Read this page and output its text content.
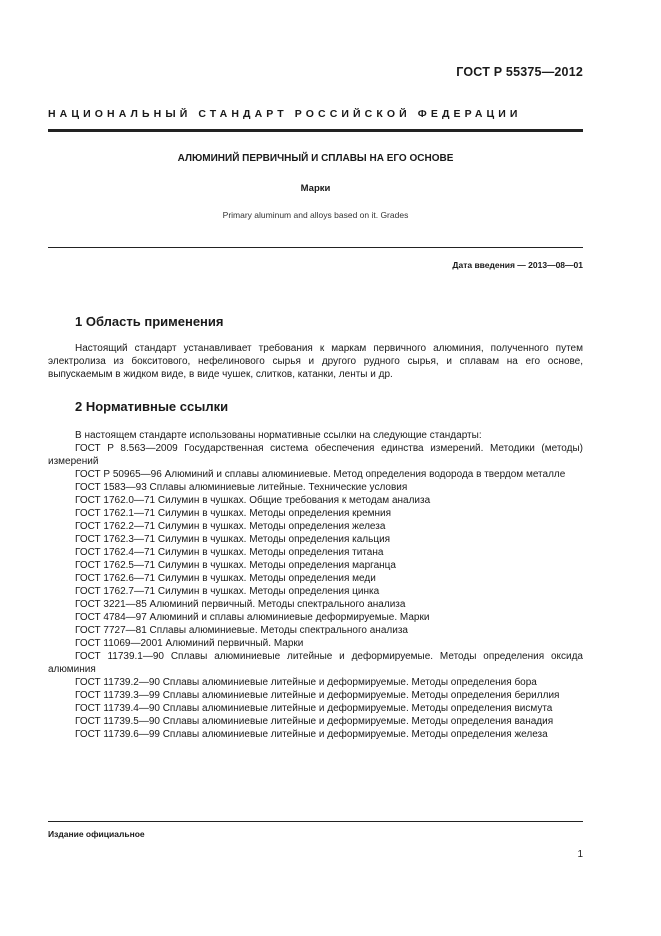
ГОСТ Р 55375—2012
НАЦИОНАЛЬНЫЙ СТАНДАРТ РОССИЙСКОЙ ФЕДЕРАЦИИ
АЛЮМИНИЙ ПЕРВИЧНЫЙ И СПЛАВЫ НА ЕГО ОСНОВЕ
Марки
Primary aluminum and alloys based on it. Grades
Дата введения — 2013—08—01
1 Область применения

Настоящий стандарт устанавливает требования к маркам первичного алюминия, полученного путем электролиза из бокситового, нефелинового сырья и другого рудного сырья, и сплавам на его основе, выпускаемым в жидком виде, в виде чушек, слитков, катанки, ленты и др.

2 Нормативные ссылки

В настоящем стандарте использованы нормативные ссылки на следующие стандарты:

ГОСТ Р 8.563—2009 Государственная система обеспечения единства измерений. Методики (методы) измерений

ГОСТ Р 50965—96 Алюминий и сплавы алюминиевые. Метод определения водорода в твердом металле

ГОСТ 1583—93 Сплавы алюминиевые литейные. Технические условия

ГОСТ 1762.0—71 Силумин в чушках. Общие требования к методам анализа

ГОСТ 1762.1—71 Силумин в чушках. Методы определения кремния

ГОСТ 1762.2—71 Силумин в чушках. Методы определения железа

ГОСТ 1762.3—71 Силумин в чушках. Методы определения кальция

ГОСТ 1762.4—71 Силумин в чушках. Методы определения титана

ГОСТ 1762.5—71 Силумин в чушках. Методы определения марганца

ГОСТ 1762.6—71 Силумин в чушках. Методы определения меди

ГОСТ 1762.7—71 Силумин в чушках. Методы определения цинка

ГОСТ 3221—85 Алюминий первичный. Методы спектрального анализа

ГОСТ 4784—97 Алюминий и сплавы алюминиевые деформируемые. Марки

ГОСТ 7727—81 Сплавы алюминиевые. Методы спектрального анализа

ГОСТ 11069—2001 Алюминий первичный. Марки

ГОСТ 11739.1—90 Сплавы алюминиевые литейные и деформируемые. Методы определения оксида алюминия

ГОСТ 11739.2—90 Сплавы алюминиевые литейные и деформируемые. Методы определения бора

ГОСТ 11739.3—99 Сплавы алюминиевые литейные и деформируемые. Методы определения бериллия

ГОСТ 11739.4—90 Сплавы алюминиевые литейные и деформируемые. Методы определения висмута

ГОСТ 11739.5—90 Сплавы алюминиевые литейные и деформируемые. Методы определения ванадия

ГОСТ 11739.6—99 Сплавы алюминиевые литейные и деформируемые. Методы определения железа

Издание официальное
1
